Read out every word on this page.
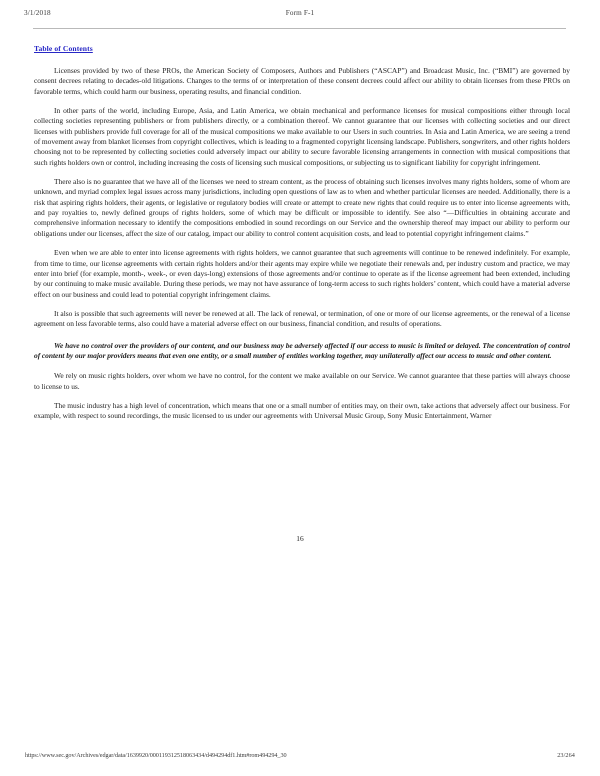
3/1/2018	Form F-1
Table of Contents

Licenses provided by two of these PROs, the American Society of Composers, Authors and Publishers (“ASCAP”) and Broadcast Music, Inc. (“BMI”) are governed by consent decrees relating to decades-old litigations. Changes to the terms of or interpretation of these consent decrees could affect our ability to obtain licenses from these PROs on favorable terms, which could harm our business, operating results, and financial condition.

In other parts of the world, including Europe, Asia, and Latin America, we obtain mechanical and performance licenses for musical compositions either through local collecting societies representing publishers or from publishers directly, or a combination thereof. We cannot guarantee that our licenses with collecting societies and our direct licenses with publishers provide full coverage for all of the musical compositions we make available to our Users in such countries. In Asia and Latin America, we are seeing a trend of movement away from blanket licenses from copyright collectives, which is leading to a fragmented copyright licensing landscape. Publishers, songwriters, and other rights holders choosing not to be represented by collecting societies could adversely impact our ability to secure favorable licensing arrangements in connection with musical compositions that such rights holders own or control, including increasing the costs of licensing such musical compositions, or subjecting us to significant liability for copyright infringement.

There also is no guarantee that we have all of the licenses we need to stream content, as the process of obtaining such licenses involves many rights holders, some of whom are unknown, and myriad complex legal issues across many jurisdictions, including open questions of law as to when and whether particular licenses are needed. Additionally, there is a risk that aspiring rights holders, their agents, or legislative or regulatory bodies will create or attempt to create new rights that could require us to enter into license agreements with, and pay royalties to, newly defined groups of rights holders, some of which may be difficult or impossible to identify. See also “—Difficulties in obtaining accurate and comprehensive information necessary to identify the compositions embodied in sound recordings on our Service and the ownership thereof may impact our ability to perform our obligations under our licenses, affect the size of our catalog, impact our ability to control content acquisition costs, and lead to potential copyright infringement claims.”

Even when we are able to enter into license agreements with rights holders, we cannot guarantee that such agreements will continue to be renewed indefinitely. For example, from time to time, our license agreements with certain rights holders and/or their agents may expire while we negotiate their renewals and, per industry custom and practice, we may enter into brief (for example, month-, week-, or even days-long) extensions of those agreements and/or continue to operate as if the license agreement had been extended, including by our continuing to make music available. During these periods, we may not have assurance of long-term access to such rights holders’ content, which could have a material adverse effect on our business and could lead to potential copyright infringement claims.

It also is possible that such agreements will never be renewed at all. The lack of renewal, or termination, of one or more of our license agreements, or the renewal of a license agreement on less favorable terms, also could have a material adverse effect on our business, financial condition, and results of operations.

We have no control over the providers of our content, and our business may be adversely affected if our access to music is limited or delayed. The concentration of control of content by our major providers means that even one entity, or a small number of entities working together, may unilaterally affect our access to music and other content.

We rely on music rights holders, over whom we have no control, for the content we make available on our Service. We cannot guarantee that these parties will always choose to license to us.

The music industry has a high level of concentration, which means that one or a small number of entities may, on their own, take actions that adversely affect our business. For example, with respect to sound recordings, the music licensed to us under our agreements with Universal Music Group, Sony Music Entertainment, Warner

16
https://www.sec.gov/Archives/edgar/data/1639920/000119312518063434/d494294df1.htm#rom494294_30	23/264
